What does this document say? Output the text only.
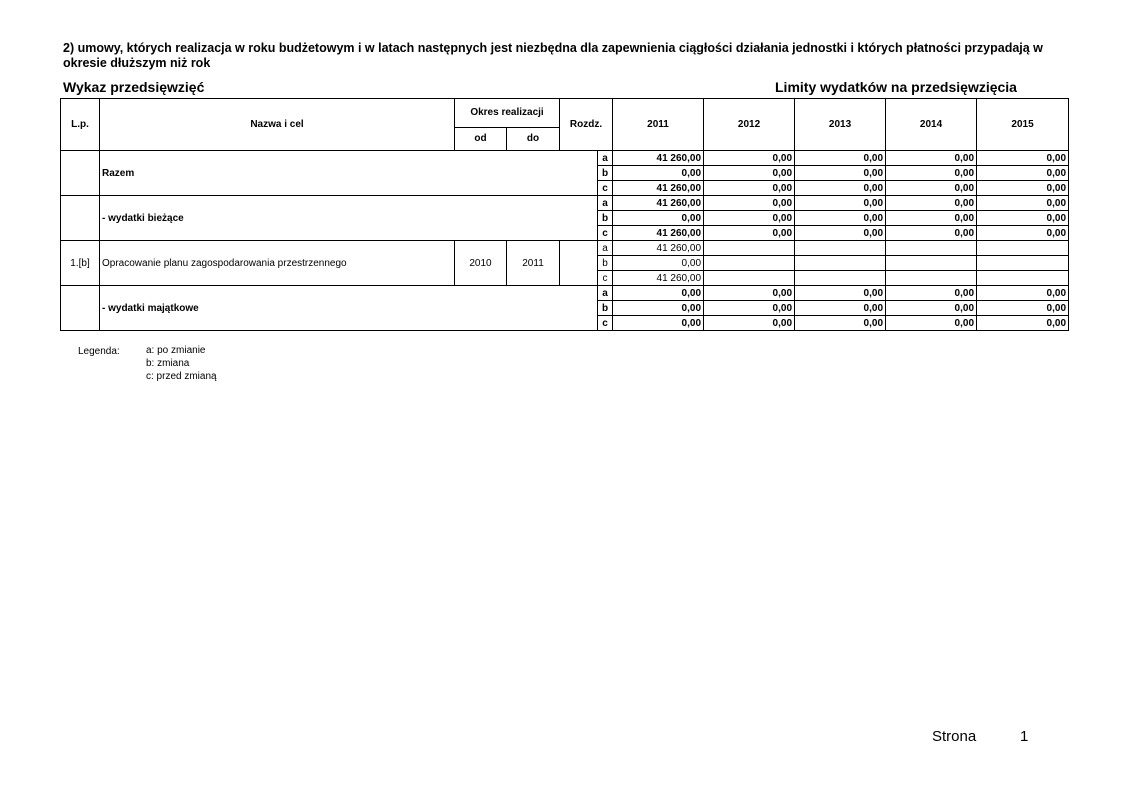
2) umowy, których realizacja w roku budżetowym i w latach następnych jest niezbędna dla zapewnienia ciągłości działania jednostki i których płatności przypadają w okresie dłuższym niż rok
Wykaz przedsięwzięć	Limity wydatków na przedsięwzięcia
L.p.	Nazwa i cel	Okres realizacji		Rozdz.		2011	2012	2013	2014	2015
		od	do							
	Razem				a	41 260,00	0,00	0,00	0,00	0,00
					b	0,00	0,00	0,00	0,00	0,00
					c	41 260,00	0,00	0,00	0,00	0,00
	- wydatki bieżące				a	41 260,00	0,00	0,00	0,00	0,00
					b	0,00	0,00	0,00	0,00	0,00
					c	41 260,00	0,00	0,00	0,00	0,00
1.[b]	Opracowanie planu zagospodarowania przestrzennego	2010	2011		a	41 260,00				
					b	0,00				
					c	41 260,00				
	- wydatki majątkowe				a	0,00	0,00	0,00	0,00	0,00
					b	0,00	0,00	0,00	0,00	0,00
					c	0,00	0,00	0,00	0,00	0,00
Legenda:	a: po zmianie
b: zmiana
c: przed zmianą
Strona	1
